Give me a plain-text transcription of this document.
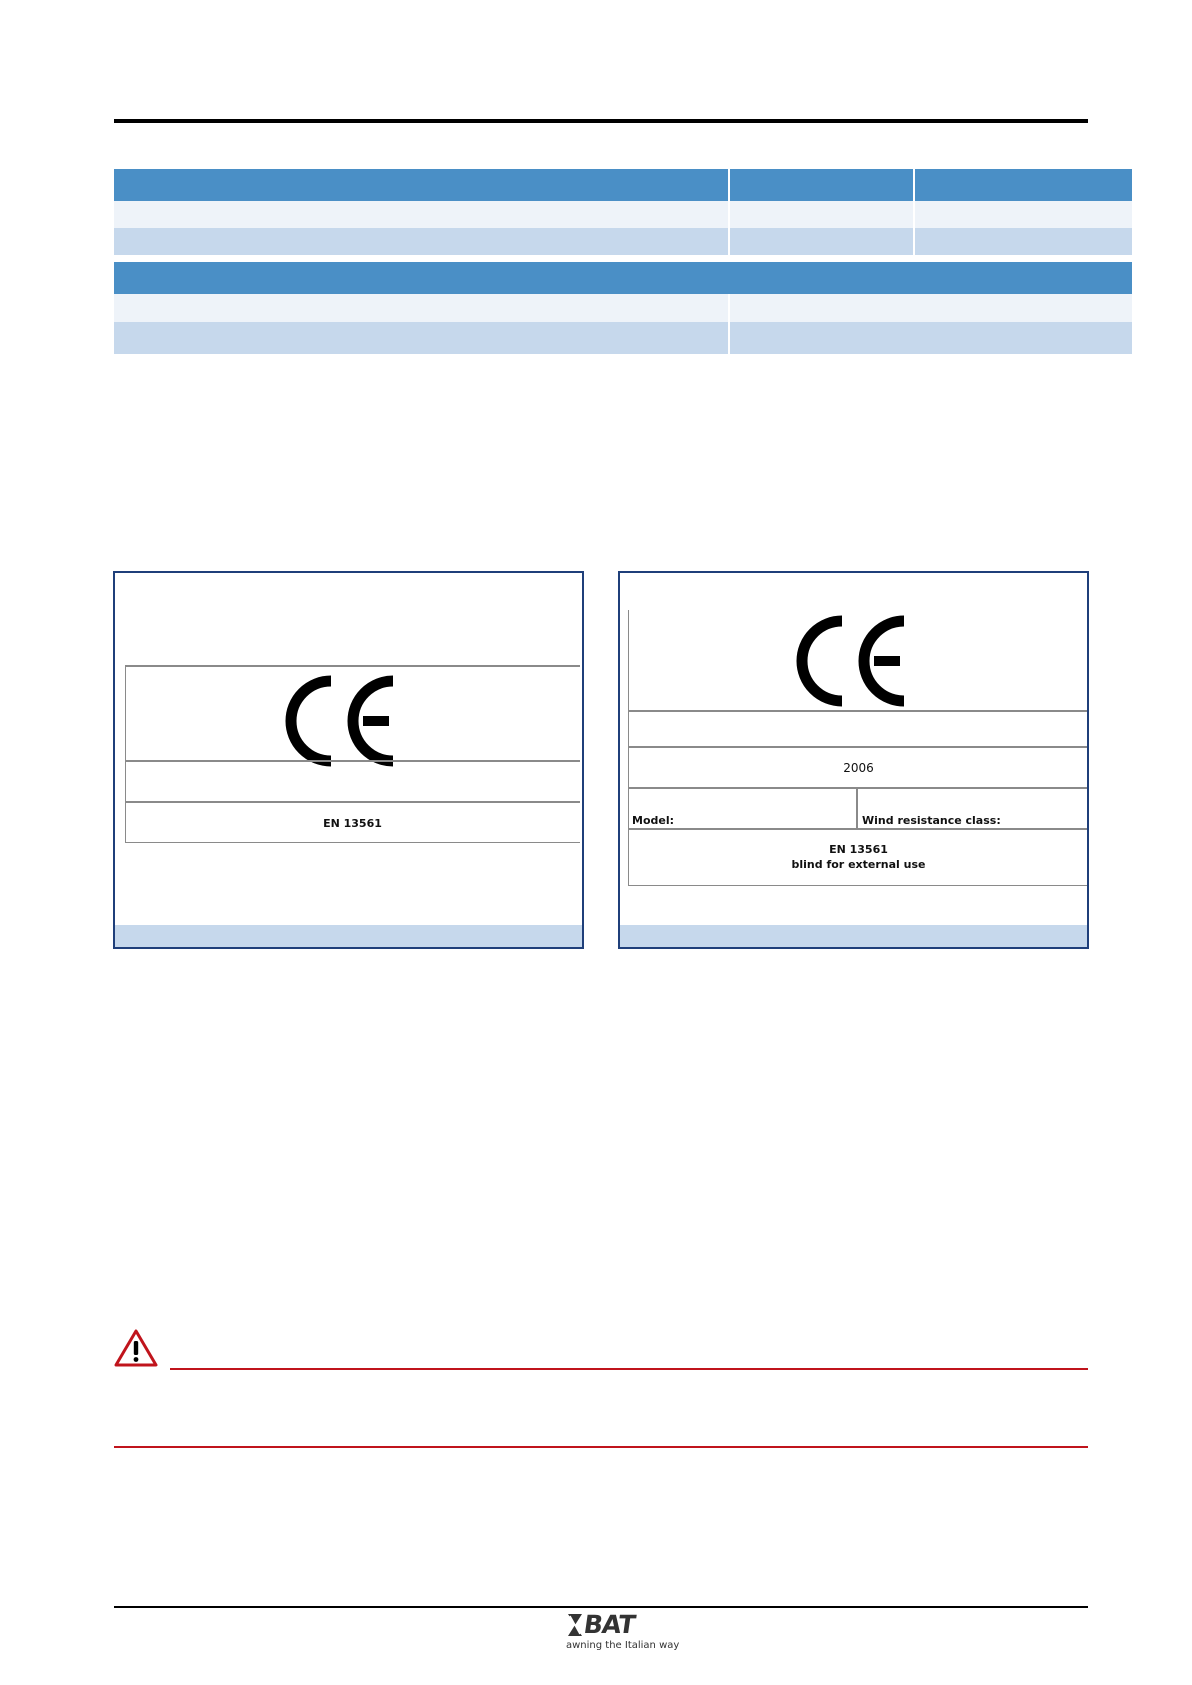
EN 13561
2006
Model:	Wind resistance class:
EN 13561
blind for external use
BAT
awning the Italian way
